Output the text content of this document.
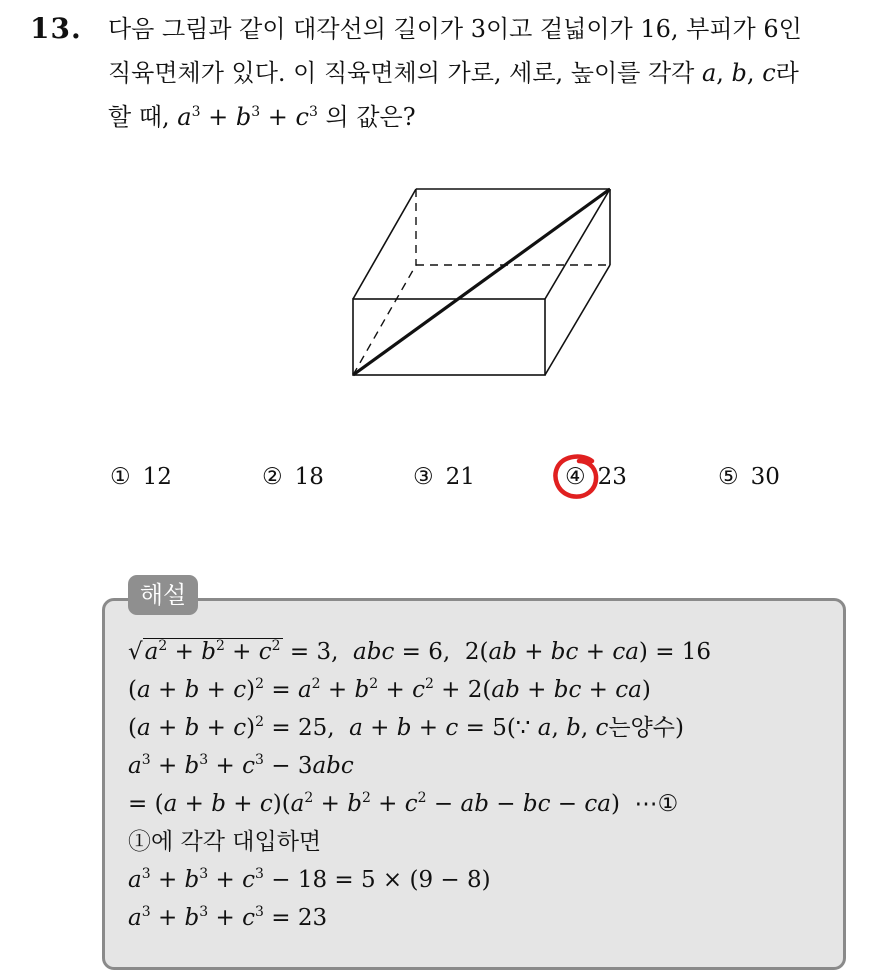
13. 다음 그림과 같이 대각선의 길이가 3이고 겉넓이가 16, 부피가 6인
직육면체가 있다. 이 직육면체의 가로, 세로, 높이를 각각 a, b, c라
할 때, $a^3 + b^3 + c^3$ 의 값은?
① 12	② 18	③ 21	④ 23	⑤ 30
해설
$√a^2 + b^2 + c^2 = 3$,  abc = 6,  2(ab + bc + ca) = 16
$(a + b + c)^2 = a^2 + b^2 + c^2 + 2(ab$ + bc + ca)
$(a + b + c)^2 = 25$,  a + b + c = 5(∵ a, b, c는양수)
$a^3 + b^3 + c^3 - 3abc$
= $(a + b + c)(a^2 + b^2 + c^2$ − ab − bc − ca)  ⋯①
①에 각각 대입하면
$a^3 + b^3 + c^3 - 18 = 5 \times (9 - 8)$
$a^3 + b^3 + c^3 = 23$
